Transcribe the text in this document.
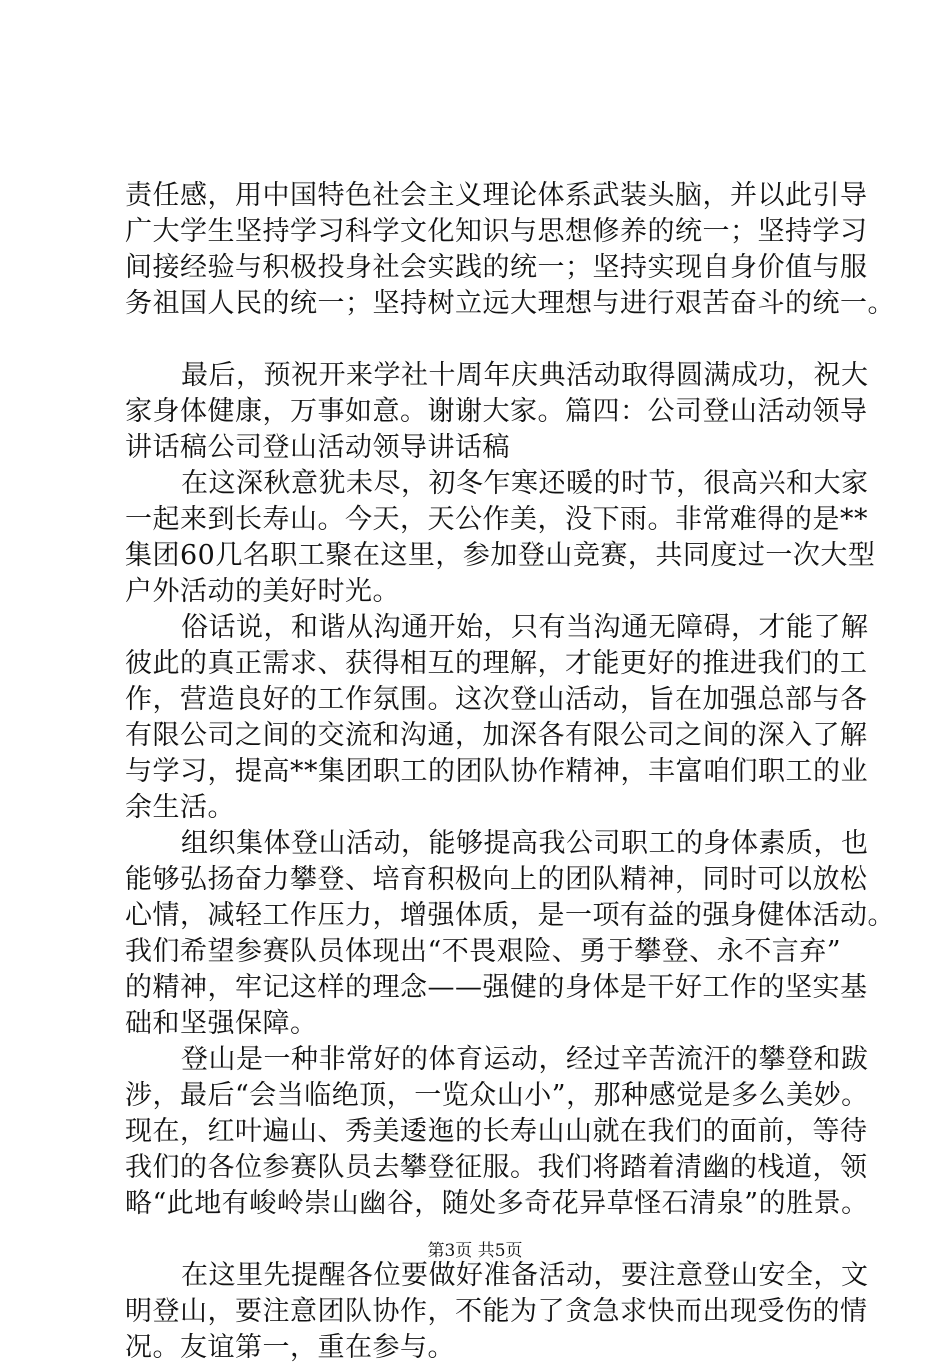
责任感，用中国特色社会主义理论体系武装头脑，并以此引导
广大学生坚持学习科学文化知识与思想修养的统一；坚持学习
间接经验与积极投身社会实践的统一；坚持实现自身价值与服
务祖国人民的统一；坚持树立远大理想与进行艰苦奋斗的统一。
最后，预祝开来学社十周年庆典活动取得圆满成功，祝大
家身体健康，万事如意。谢谢大家。篇四：公司登山活动领导
讲话稿公司登山活动领导讲话稿
在这深秋意犹未尽，初冬乍寒还暖的时节，很高兴和大家
一起来到长寿山。今天，天公作美，没下雨。非常难得的是**
集团60几名职工聚在这里，参加登山竞赛，共同度过一次大型
户外活动的美好时光。
俗话说，和谐从沟通开始，只有当沟通无障碍，才能了解
彼此的真正需求、获得相互的理解，才能更好的推进我们的工
作，营造良好的工作氛围。这次登山活动，旨在加强总部与各
有限公司之间的交流和沟通，加深各有限公司之间的深入了解
与学习，提高**集团职工的团队协作精神，丰富咱们职工的业
余生活。
组织集体登山活动，能够提高我公司职工的身体素质，也
能够弘扬奋力攀登、培育积极向上的团队精神，同时可以放松
心情，减轻工作压力，增强体质，是一项有益的强身健体活动。
我们希望参赛队员体现出“不畏艰险、勇于攀登、永不言弃”
的精神，牢记这样的理念——强健的身体是干好工作的坚实基
础和坚强保障。
登山是一种非常好的体育运动，经过辛苦流汗的攀登和跋
涉，最后“会当临绝顶，一览众山小”，那种感觉是多么美妙。
现在，红叶遍山、秀美逶迤的长寿山山就在我们的面前，等待
我们的各位参赛队员去攀登征服。我们将踏着清幽的栈道，领
略“此地有峻岭崇山幽谷，随处多奇花异草怪石清泉”的胜景。
在这里先提醒各位要做好准备活动，要注意登山安全，文
明登山，要注意团队协作，不能为了贪急求快而出现受伤的情
况。友谊第一，重在参与。
第3页 共5页
